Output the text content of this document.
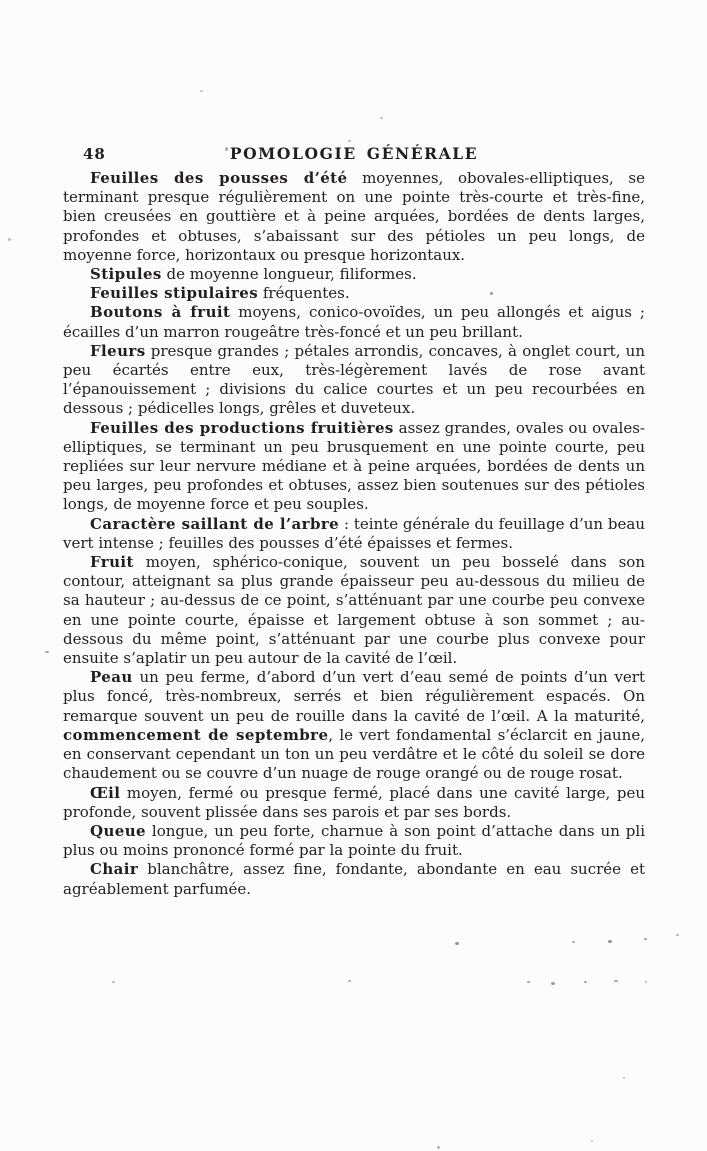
48	POMOLOGIE GÉNÉRALE

Feuilles des pousses d’été moyennes, obovales-elliptiques, se terminant presque régulièrement on une pointe très-courte et très-fine, bien creusées en gouttière et à peine arquées, bordées de dents larges, profondes et obtuses, s’abaissant sur des pétioles un peu longs, de moyenne force, horizontaux ou presque horizontaux.

Stipules de moyenne longueur, filiformes.

Feuilles stipulaires fréquentes.

Boutons à fruit moyens, conico-ovoïdes, un peu allongés et aigus ; écailles d’un marron rougeâtre très-foncé et un peu brillant.

Fleurs presque grandes ; pétales arrondis, concaves, à onglet court, un peu écartés entre eux, très-légèrement lavés de rose avant l’épanouissement ; divisions du calice courtes et un peu recourbées en dessous ; pédicelles longs, grêles et duveteux.

Feuilles des productions fruitières assez grandes, ovales ou ovales-elliptiques, se terminant un peu brusquement en une pointe courte, peu repliées sur leur nervure médiane et à peine arquées, bordées de dents un peu larges, peu profondes et obtuses, assez bien soutenues sur des pétioles longs, de moyenne force et peu souples.

Caractère saillant de l’arbre : teinte générale du feuillage d’un beau vert intense ; feuilles des pousses d’été épaisses et fermes.

Fruit moyen, sphérico-conique, souvent un peu bosselé dans son contour, atteignant sa plus grande épaisseur peu au-dessous du milieu de sa hauteur ; au-dessus de ce point, s’atténuant par une courbe peu convexe en une pointe courte, épaisse et largement obtuse à son sommet ; au-dessous du même point, s’atténuant par une courbe plus convexe pour ensuite s’aplatir un peu autour de la cavité de l’œil.

Peau un peu ferme, d’abord d’un vert d’eau semé de points d’un vert plus foncé, très-nombreux, serrés et bien régulièrement espacés. On remarque souvent un peu de rouille dans la cavité de l’œil. A la maturité, commencement de septembre, le vert fondamental s’éclarcit en jaune, en conservant cependant un ton un peu verdâtre et le côté du soleil se dore chaudement ou se couvre d’un nuage de rouge orangé ou de rouge rosat.

Œil moyen, fermé ou presque fermé, placé dans une cavité large, peu profonde, souvent plissée dans ses parois et par ses bords.

Queue longue, un peu forte, charnue à son point d’attache dans un pli plus ou moins prononcé formé par la pointe du fruit.

Chair blanchâtre, assez fine, fondante, abondante en eau sucrée et agréablement parfumée.
